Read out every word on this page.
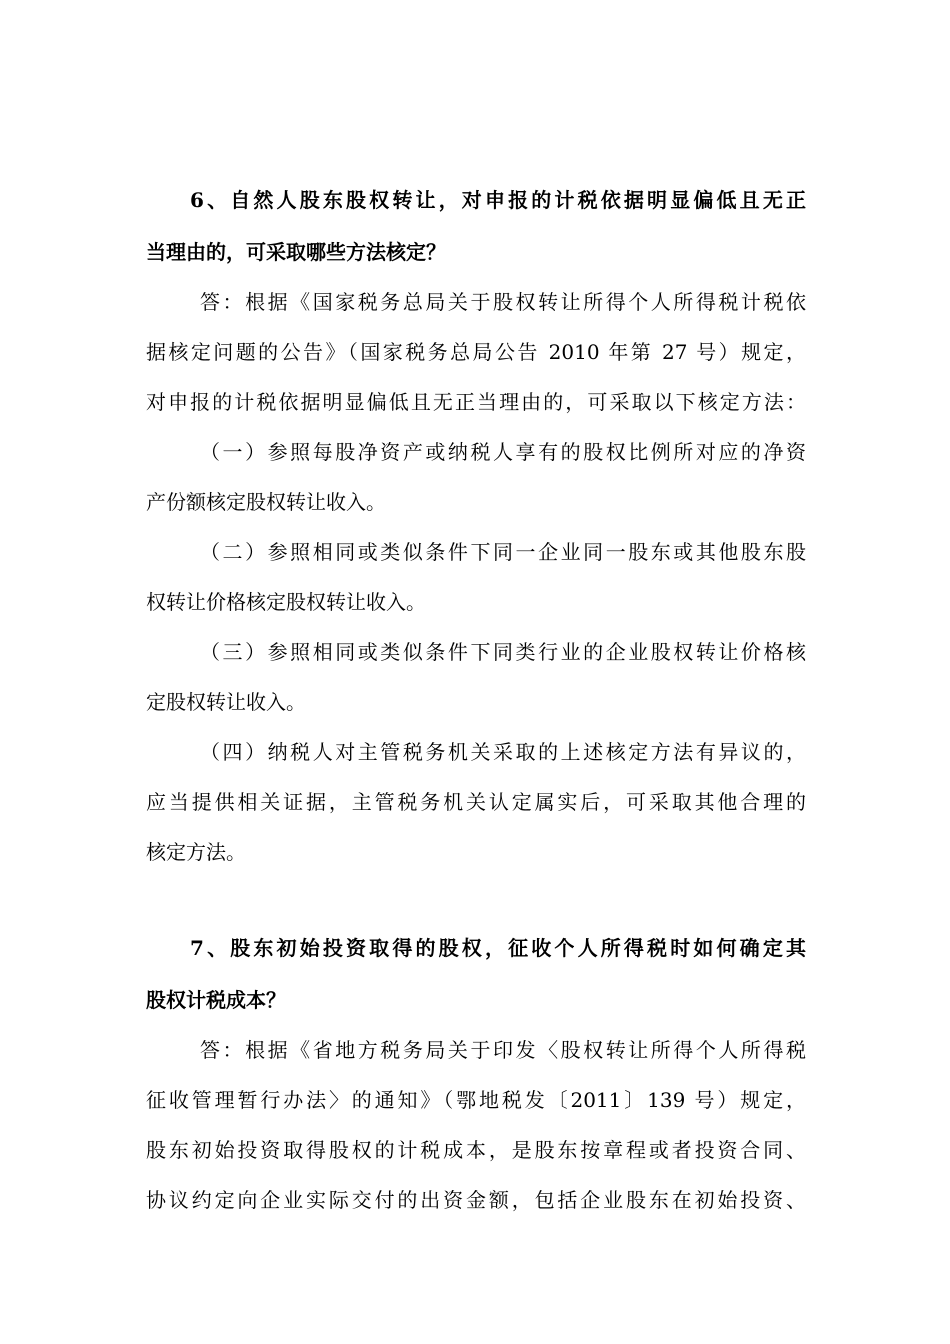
6、自然人股东股权转让，对申报的计税依据明显偏低且无正
当理由的，可采取哪些方法核定？
答：根据《国家税务总局关于股权转让所得个人所得税计税依
据核定问题的公告》（国家税务总局公告 2010 年第 27 号）规定，
对申报的计税依据明显偏低且无正当理由的，可采取以下核定方法：
（一）参照每股净资产或纳税人享有的股权比例所对应的净资
产份额核定股权转让收入。
（二）参照相同或类似条件下同一企业同一股东或其他股东股
权转让价格核定股权转让收入。
（三）参照相同或类似条件下同类行业的企业股权转让价格核
定股权转让收入。
（四）纳税人对主管税务机关采取的上述核定方法有异议的，
应当提供相关证据，主管税务机关认定属实后，可采取其他合理的
核定方法。
7、股东初始投资取得的股权，征收个人所得税时如何确定其
股权计税成本？
答：根据《省地方税务局关于印发〈股权转让所得个人所得税
征收管理暂行办法〉的通知》（鄂地税发〔2011〕139 号）规定，
股东初始投资取得股权的计税成本，是股东按章程或者投资合同、
协议约定向企业实际交付的出资金额，包括企业股东在初始投资、
